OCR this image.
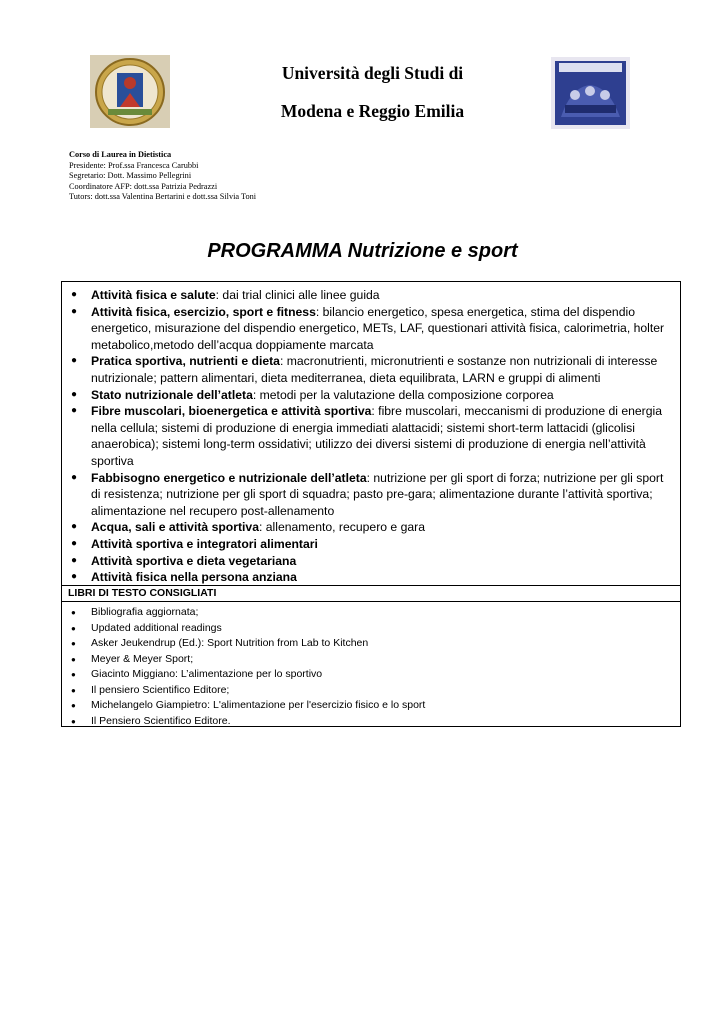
Università degli Studi di
Modena e Reggio Emilia
Corso di Laurea in Dietistica
Presidente: Prof.ssa Francesca Carubbi
Segretario: Dott. Massimo Pellegrini
Coordinatore AFP: dott.ssa Patrizia Pedrazzi
Tutors: dott.ssa Valentina Bertarini e dott.ssa Silvia Toni
PROGRAMMA Nutrizione e sport
● Attività fisica e salute: dai trial clinici alle linee guida
● Attività fisica, esercizio, sport e fitness: bilancio energetico, spesa energetica, stima del dispendio energetico, misurazione del dispendio energetico, METs, LAF, questionari attività fisica, calorimetria, holter metabolico,metodo dell’acqua doppiamente marcata
● Pratica sportiva, nutrienti e dieta: macronutrienti, micronutrienti e sostanze non nutrizionali di interesse nutrizionale; pattern alimentari, dieta mediterranea, dieta equilibrata, LARN e gruppi di alimenti
● Stato nutrizionale dell’atleta: metodi per la valutazione della composizione corporea
● Fibre muscolari, bioenergetica e attività sportiva: fibre muscolari, meccanismi di produzione di energia nella cellula; sistemi di produzione di energia immediati alattacidi; sistemi short-term lattacidi (glicolisi anaerobica); sistemi long-term ossidativi; utilizzo dei diversi sistemi di produzione di energia nell’attività sportiva
● Fabbisogno energetico e nutrizionale dell’atleta: nutrizione per gli sport di forza; nutrizione per gli sport di resistenza; nutrizione per gli sport di squadra; pasto pre-gara; alimentazione durante l’attività sportiva; alimentazione nel recupero post-allenamento
● Acqua, sali e attività sportiva: allenamento, recupero e gara
● Attività sportiva e integratori alimentari
● Attività sportiva e dieta vegetariana
● Attività fisica nella persona anziana
LIBRI DI TESTO CONSIGLIATI
● Bibliografia aggiornata;
● Updated additional readings
● Asker Jeukendrup (Ed.): Sport Nutrition from Lab to Kitchen
● Meyer & Meyer Sport;
● Giacinto Miggiano: L’alimentazione per lo sportivo
● Il pensiero Scientifico Editore;
● Michelangelo Giampietro: L'alimentazione per l'esercizio fisico e lo sport
● Il Pensiero Scientifico Editore.
